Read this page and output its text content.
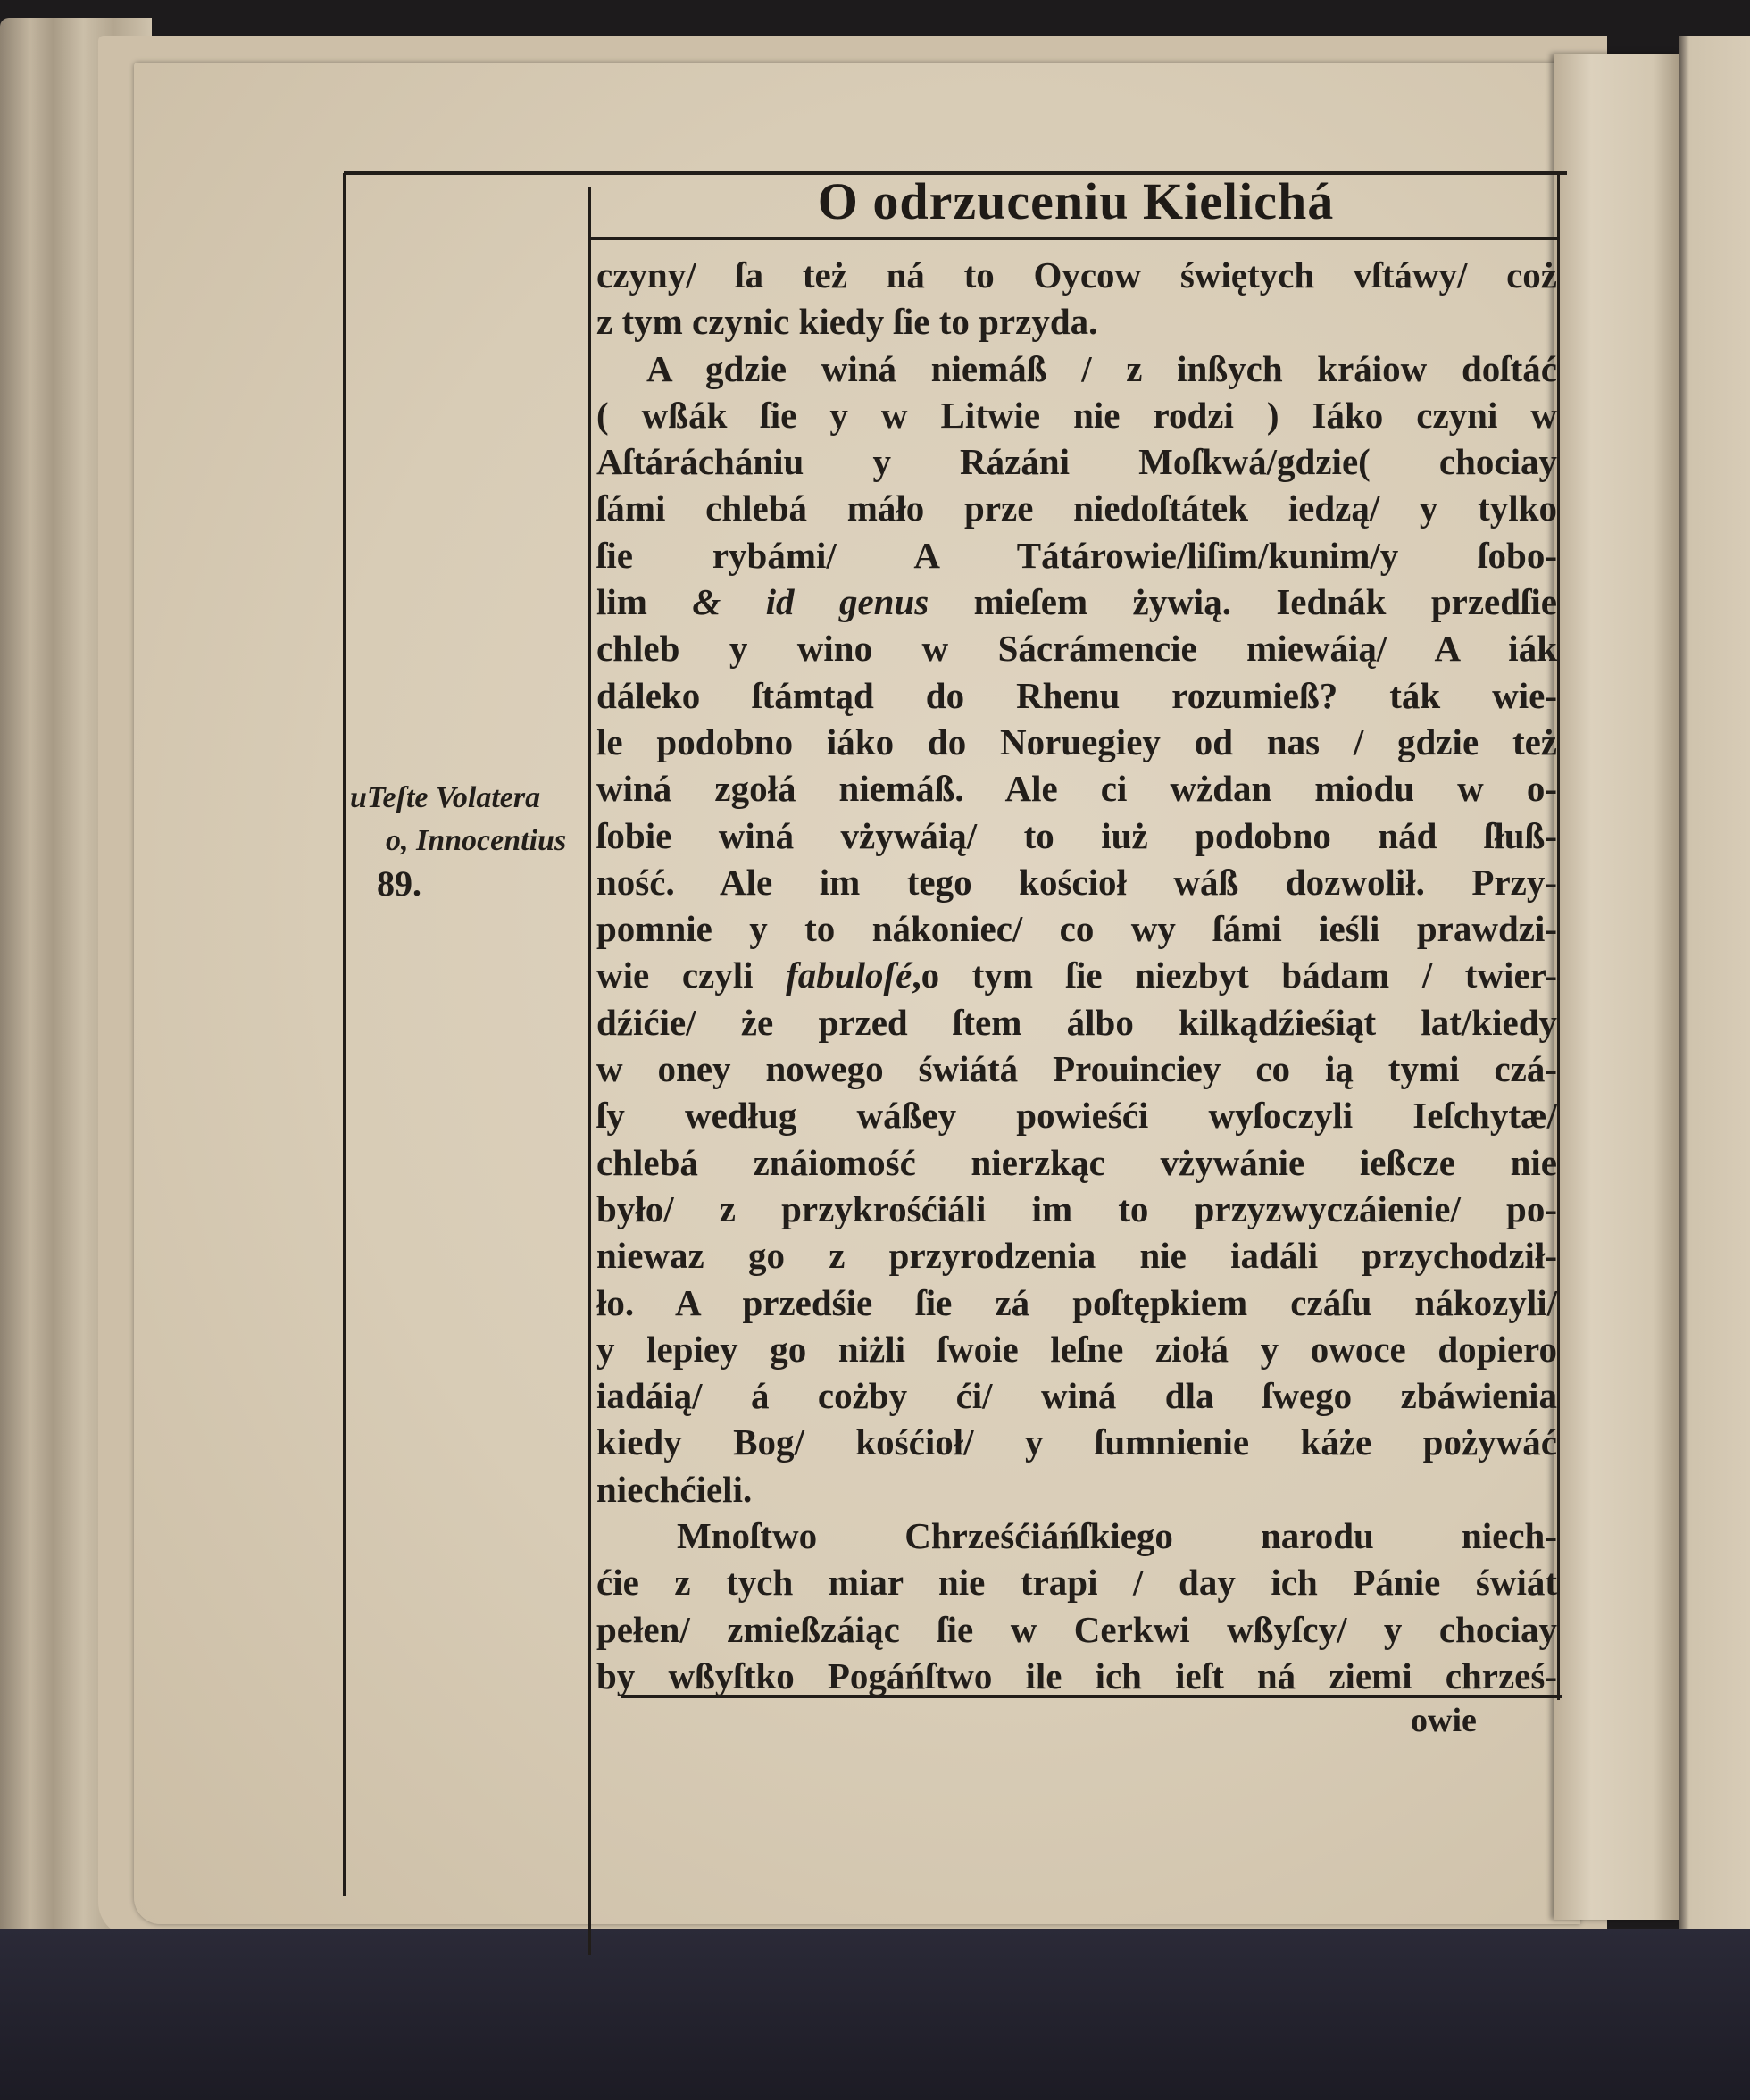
O odrzuceniu Kielichá
uTeſte Volatera
o, Innocentius
89.
czyny/ ſa też ná to Oycow świętych vſtáwy/ coż
z tym czynic kiedy ſie to przyda.
A gdzie winá niemáß / z inßych kráiow doſtáć
( wßák ſie y w Litwie nie rodzi ) Iáko czyni w
Aſtáráchániu y Rázáni Moſkwá/gdzie( chociay
ſámi chlebá máło prze niedoſtátek iedzą/ y tylko
ſie rybámi/ A Tátárowie/liſim/kunim/y ſobo-
lim & id genus mieſem żywią. Iednák przedſie
chleb y wino w Sácrámencie miewáią/ A iák
dáleko ſtámtąd do Rhenu rozumieß? ták wie-
le podobno iáko do Noruegiey od nas / gdzie też
winá zgołá niemáß. Ale ci wżdan miodu w o-
ſobie winá vżywáią/ to iuż podobno nád ſłuß-
ność. Ale im tego kościoł wáß dozwolił. Przy-
pomnie y to nákoniec/ co wy ſámi ieśli prawdzi-
wie czyli fabuloſé,o tym ſie niezbyt bádam / twier-
dźićie/ że przed ſtem álbo kilkądźieśiąt lat/kiedy
w oney nowego świátá Prouinciey co ią tymi czá-
ſy według wáßey powieśći wyſoczyli Ieſchytæ/
chlebá znáiomość nierzkąc vżywánie ießcze nie
było/ z przykrośćiáli im to przyzwyczáienie/ po-
niewaz go z przyrodzenia nie iadáli przychodził-
ło. A przedśie ſie zá poſtępkiem czáſu nákozyli/
y lepiey go niżli ſwoie leſne ziołá y owoce dopiero
iadáią/ á cożby ći/ winá dla ſwego zbáwienia
kiedy Bog/ kośćioł/ y ſumnienie káże pożywáć
niechćieli.
Mnoſtwo Chrześćiáńſkiego narodu niech-
ćie z tych miar nie trapi / day ich Pánie świát
pełen/ zmießzáiąc ſie w Cerkwi wßyſcy/ y chociay
by wßyſtko Pogáńſtwo ile ich ieſt ná ziemi chrześ-
owie
